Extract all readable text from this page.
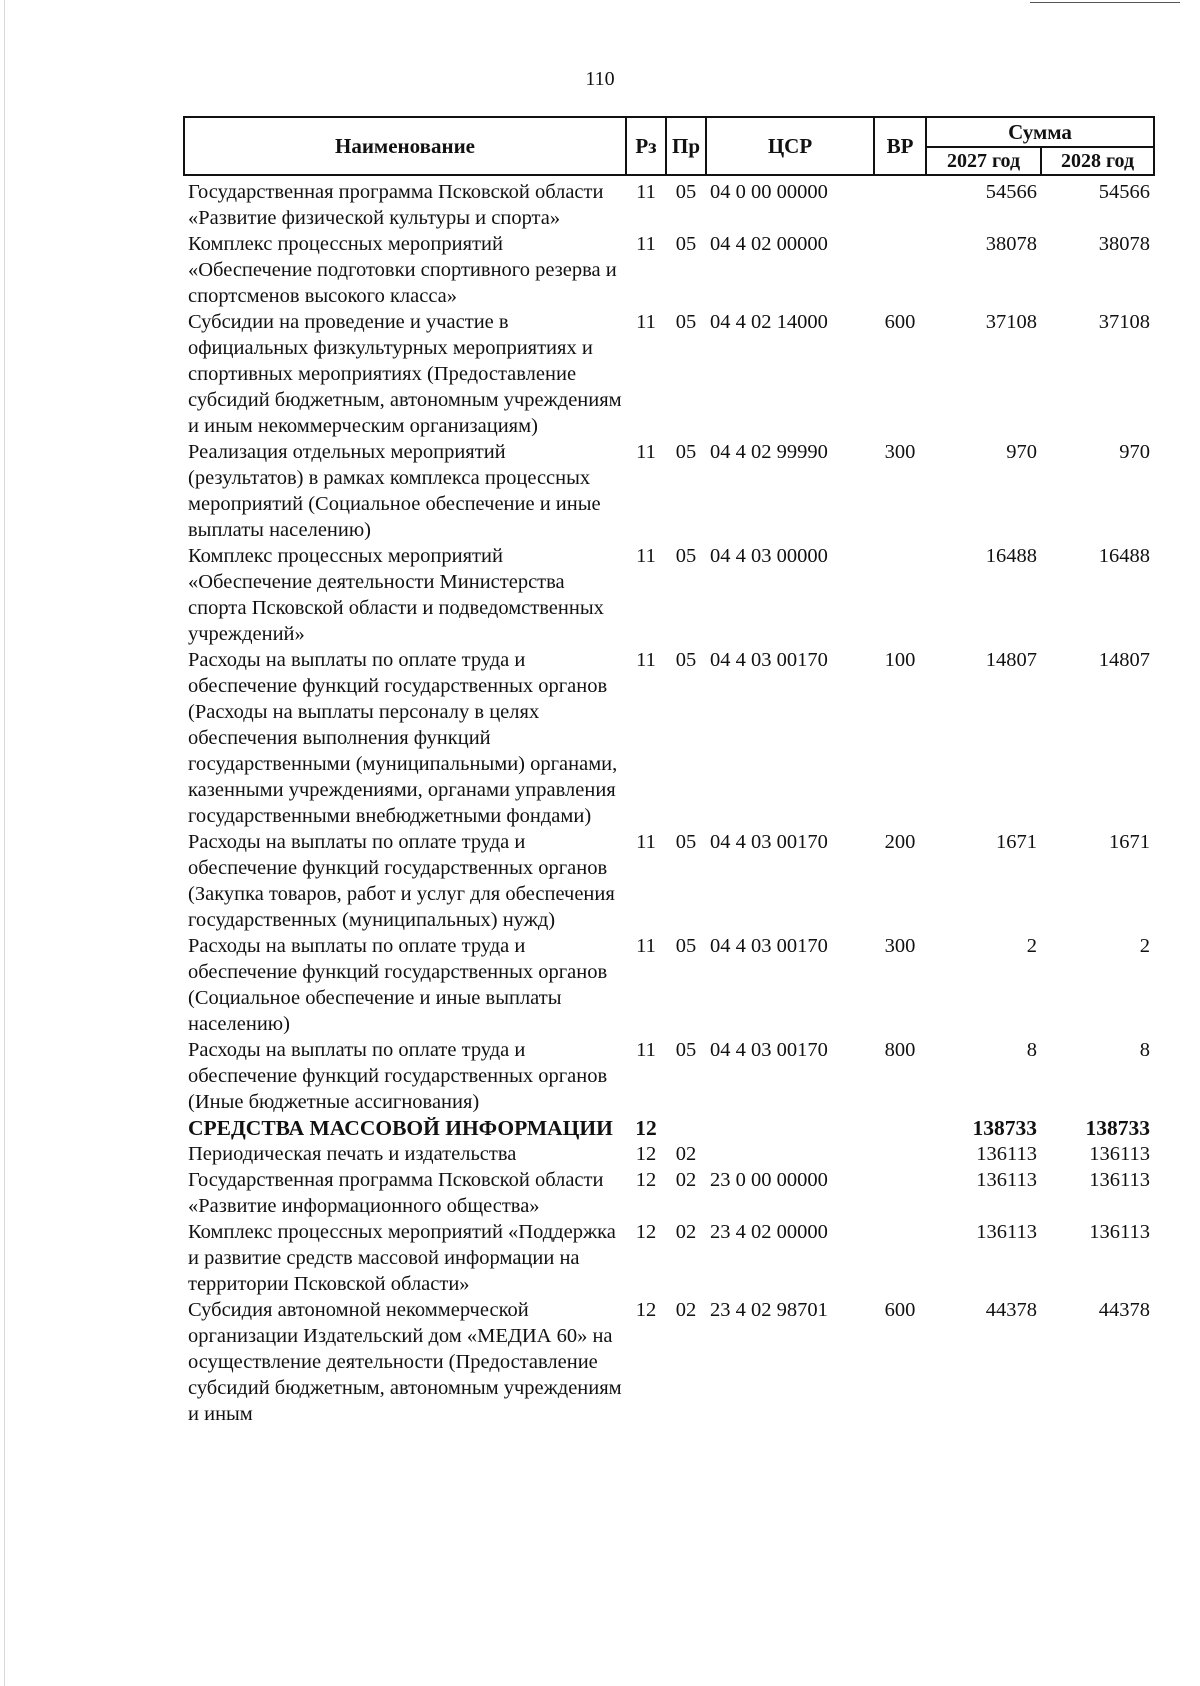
110
Наименование	Рз	Пр	ЦСР	ВР	Сумма	
					2027 год	2028 год
Государственная программа Псковской области «Развитие физической культуры и спорта»	11	05	04 0 00 00000		54566	54566
Комплекс процессных мероприятий «Обеспечение подготовки спортивного резерва и спортсменов высокого класса»	11	05	04 4 02 00000		38078	38078
Субсидии на проведение и участие в официальных физкультурных мероприятиях и спортивных мероприятиях (Предоставление субсидий бюджетным, автономным учреждениям и иным некоммерческим организациям)	11	05	04 4 02 14000	600	37108	37108
Реализация отдельных мероприятий (результатов) в рамках комплекса процессных мероприятий (Социальное обеспечение и иные выплаты населению)	11	05	04 4 02 99990	300	970	970
Комплекс процессных мероприятий «Обеспечение деятельности Министерства спорта Псковской области и подведомственных учреждений»	11	05	04 4 03 00000		16488	16488
Расходы на выплаты по оплате труда и обеспечение функций государственных органов (Расходы на выплаты персоналу в целях обеспечения выполнения функций государственными (муниципальными) органами, казенными учреждениями, органами управления государственными внебюджетными фондами)	11	05	04 4 03 00170	100	14807	14807
Расходы на выплаты по оплате труда и обеспечение функций государственных органов (Закупка товаров, работ и услуг для обеспечения государственных (муниципальных) нужд)	11	05	04 4 03 00170	200	1671	1671
Расходы на выплаты по оплате труда и обеспечение функций государственных органов (Социальное обеспечение и иные выплаты населению)	11	05	04 4 03 00170	300	2	2
Расходы на выплаты по оплате труда и обеспечение функций государственных органов (Иные бюджетные ассигнования)	11	05	04 4 03 00170	800	8	8
СРЕДСТВА МАССОВОЙ ИНФОРМАЦИИ	12				138733	138733
Периодическая печать и издательства	12	02			136113	136113
Государственная программа Псковской области «Развитие информационного общества»	12	02	23 0 00 00000		136113	136113
Комплекс процессных мероприятий «Поддержка и развитие средств массовой информации на территории Псковской области»	12	02	23 4 02 00000		136113	136113
Субсидия автономной некоммерческой организации Издательский дом «МЕДИА 60» на осуществление деятельности (Предоставление субсидий бюджетным, автономным учреждениям и иным	12	02	23 4 02 98701	600	44378	44378
